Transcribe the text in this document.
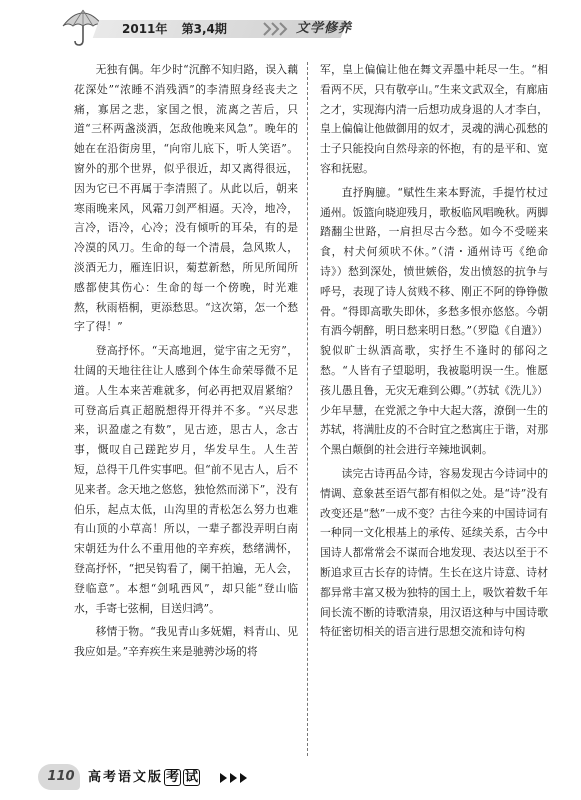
2011年 第3,4期	文学修养

无独有偶。年少时“沉醉不知归路，误入藕花深处”“浓睡不消残酒”的李清照身经丧夫之痛，寡居之悲，家国之恨，流离之苦后，只道“三杯两盏淡酒，怎敌他晚来风急”。晚年的她在在沿街房里，“向帘儿底下，听人笑语”。窗外的那个世界，似乎很近，却又离得很远，因为它已不再属于李清照了。从此以后，朝来寒雨晚来风，风霜刀剑严相逼。天冷，地冷，言冷，语冷，心冷；没有倾听的耳朵，有的是冷漠的风刀。生命的每一个清晨，急风欺人，淡酒无力，雁连旧识，菊惹新愁，所见所闻所感都使其伤心：生命的每一个傍晚，时光难熬，秋雨梧桐，更添愁思。“这次第，怎一个愁字了得！”

登高抒怀。“天高地迥，觉宇宙之无穷”，壮阔的天地往往让人感到个体生命荣辱微不足道。人生本来苦难就多，何必再把双眉紧缩？可登高后真正超脱想得开得并不多。“兴尽悲来，识盈虚之有数”，见古迹，思古人，念古事，慨叹自己蹉跎岁月，华发早生。人生苦短，总得干几件实事吧。但“前不见古人，后不见来者。念天地之悠悠，独怆然而涕下”，没有伯乐，起点太低，山沟里的青松怎么努力也难有山顶的小草高！所以，一辈子都没弄明白南宋朝廷为什么不重用他的辛弃疾，愁绪满怀，登高抒怀，“把吴钩看了，阑干拍遍，无人会，登临意”。本想“剑吼西风”，却只能“登山临水，手寄七弦桐，目送归鸿”。

移情于物。“我见青山多妩媚，料青山、见我应如是。”辛弃疾生来是驰骋沙场的将

军，皇上偏偏让他在舞文弄墨中耗尽一生。“相看两不厌，只有敬亭山。”生来文武双全，有廊庙之才，实现海内清一后想功成身退的人才李白，皇上偏偏让他做御用的奴才，灵魂的满心孤愁的士子只能投向自然母亲的怀抱，有的是平和、宽容和抚慰。

直抒胸臆。“赋性生来本野流，手提竹杖过通州。饭篮向晓迎残月，歌板临风唱晚秋。两脚踏翻尘世路，一肩担尽古今愁。如今不受嗟来食，村犬何须吠不休。”（清・通州诗丐《绝命诗》）愁到深处，愤世嫉俗，发出愤怒的抗争与呼号，表现了诗人贫贱不移、刚正不阿的铮铮傲骨。“得即高歌失即休，多愁多恨亦悠悠。今朝有酒今朝醉，明日愁来明日愁。”（罗隐《自遣》）貌似旷士纵酒高歌，实抒生不逢时的郁闷之愁。“人皆有子望聪明，我被聪明误一生。惟愿孩儿愚且鲁，无灾无难到公卿。”（苏轼《洗儿》）少年早慧，在党派之争中大起大落，潦倒一生的苏轼，将满肚皮的不合时宜之愁寓庄于谐，对那个黑白颠倒的社会进行辛辣地讽刺。

读完古诗再品今诗，容易发现古今诗词中的情调、意象甚至语气都有相似之处。是“诗”没有改变还是“愁”一成不变？古往今来的中国诗词有一种同一文化根基上的承传、延续关系，古今中国诗人都常常会不谋而合地发现、表达以至于不断追求亘古长存的诗情。生长在这片诗意、诗材都异常丰富又极为独特的国土上，吸饮着数千年间长流不断的诗歌清泉，用汉语这种与中国诗歌特征密切相关的语言进行思想交流和诗句构

110 高考语文版 考 试
